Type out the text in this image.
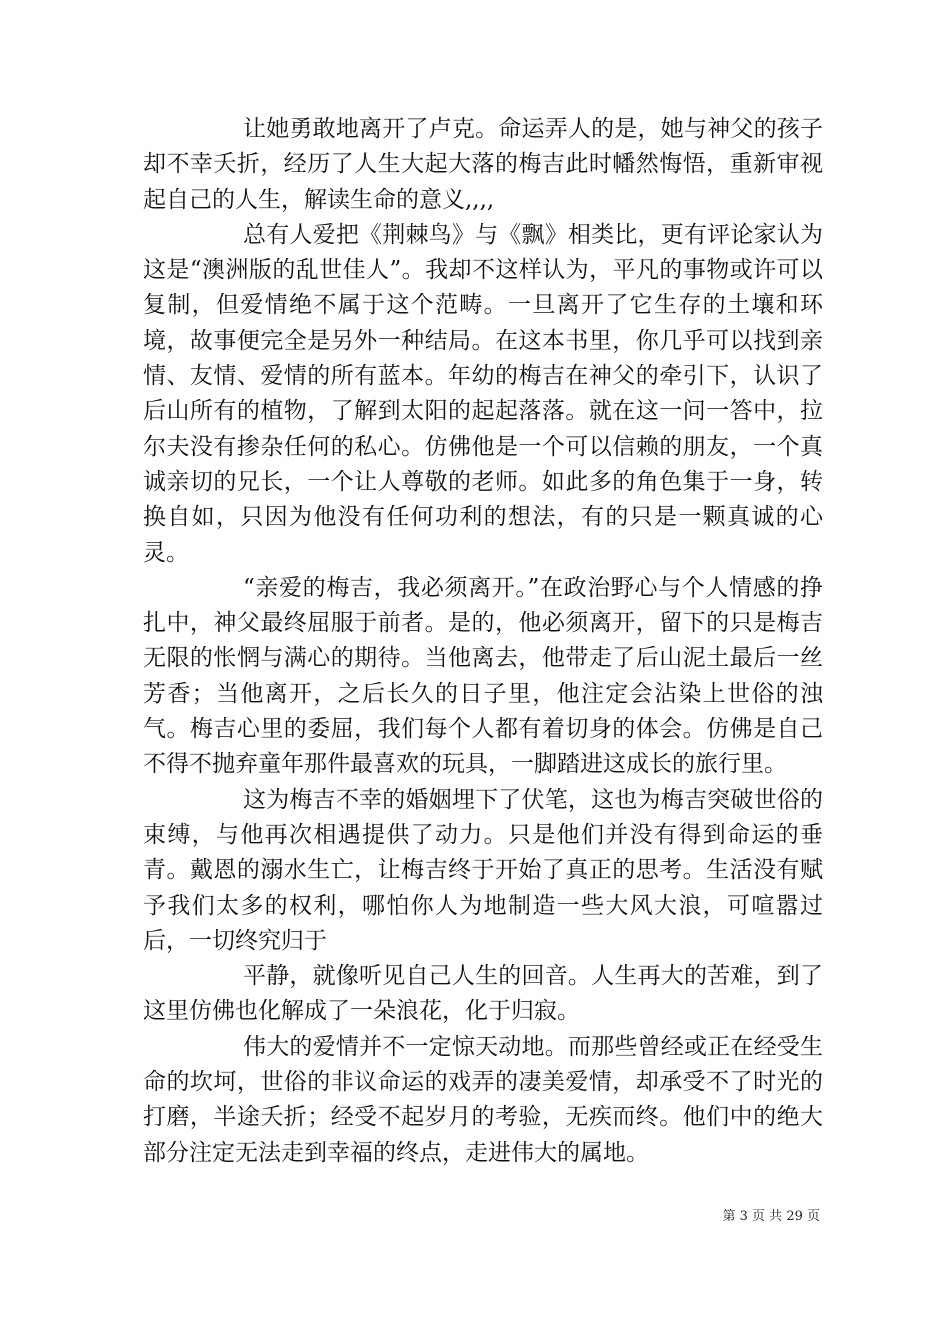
让她勇敢地离开了卢克。命运弄人的是，她与神父的孩子却不幸夭折，经历了人生大起大落的梅吉此时幡然悔悟，重新审视起自己的人生，解读生命的意义,,,,

总有人爱把《荆棘鸟》与《飘》相类比，更有评论家认为这是“澳洲版的乱世佳人”。我却不这样认为，平凡的事物或许可以复制，但爱情绝不属于这个范畴。一旦离开了它生存的土壤和环境，故事便完全是另外一种结局。在这本书里，你几乎可以找到亲情、友情、爱情的所有蓝本。年幼的梅吉在神父的牵引下，认识了后山所有的植物，了解到太阳的起起落落。就在这一问一答中，拉尔夫没有掺杂任何的私心。仿佛他是一个可以信赖的朋友，一个真诚亲切的兄长，一个让人尊敬的老师。如此多的角色集于一身，转换自如，只因为他没有任何功利的想法，有的只是一颗真诚的心灵。

“亲爱的梅吉，我必须离开。”在政治野心与个人情感的挣扎中，神父最终屈服于前者。是的，他必须离开，留下的只是梅吉无限的怅惘与满心的期待。当他离去，他带走了后山泥土最后一丝芳香；当他离开，之后长久的日子里，他注定会沾染上世俗的浊气。梅吉心里的委屈，我们每个人都有着切身的体会。仿佛是自己不得不抛弃童年那件最喜欢的玩具，一脚踏进这成长的旅行里。

这为梅吉不幸的婚姻埋下了伏笔，这也为梅吉突破世俗的束缚，与他再次相遇提供了动力。只是他们并没有得到命运的垂青。戴恩的溺水生亡，让梅吉终于开始了真正的思考。生活没有赋予我们太多的权利，哪怕你人为地制造一些大风大浪，可喧嚣过后，一切终究归于

平静，就像听见自己人生的回音。人生再大的苦难，到了这里仿佛也化解成了一朵浪花，化于归寂。

伟大的爱情并不一定惊天动地。而那些曾经或正在经受生命的坎坷，世俗的非议命运的戏弄的凄美爱情，却承受不了时光的打磨，半途夭折；经受不起岁月的考验，无疾而终。他们中的绝大部分注定无法走到幸福的终点，走进伟大的属地。

第 3 页 共 29 页
